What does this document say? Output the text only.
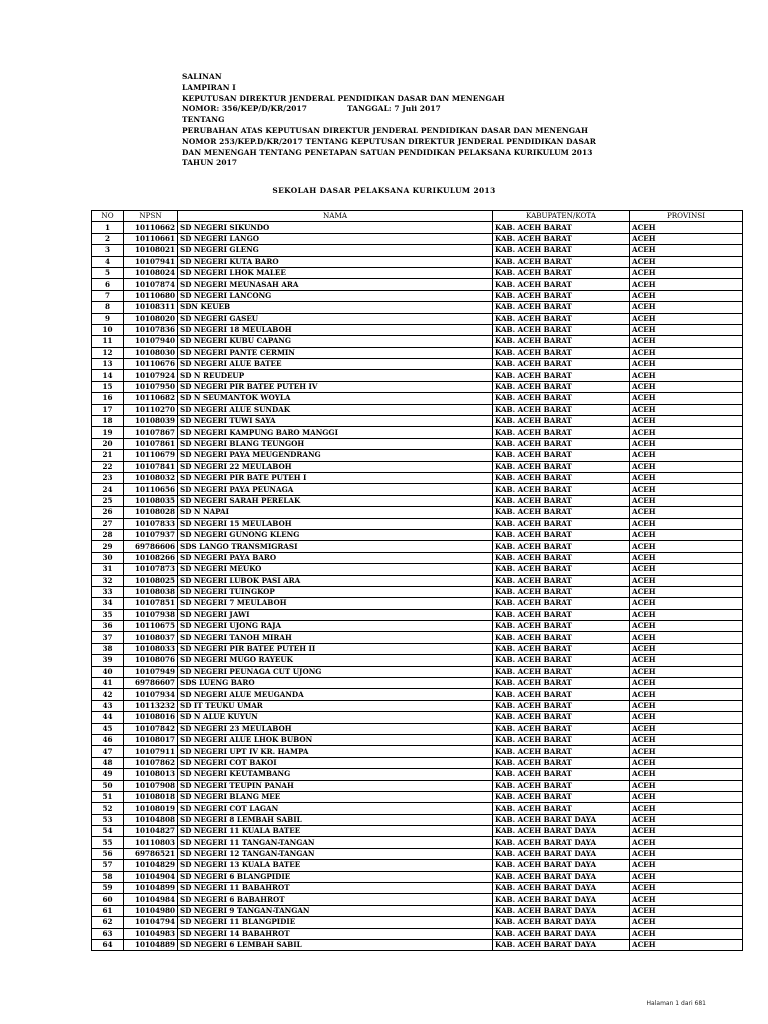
SALINAN
LAMPIRAN I
KEPUTUSAN DIREKTUR JENDERAL PENDIDIKAN DASAR DAN MENENGAH
NOMOR: 356/KEP/D/KR/2017	TANGGAL: 7 Juli 2017
TENTANG
PERUBAHAN ATAS KEPUTUSAN DIREKTUR JENDERAL PENDIDIKAN DASAR DAN MENENGAH
NOMOR 253/KEP.D/KR/2017 TENTANG KEPUTUSAN DIREKTUR JENDERAL PENDIDIKAN DASAR
DAN MENENGAH TENTANG PENETAPAN SATUAN PENDIDIKAN PELAKSANA KURIKULUM 2013
TAHUN 2017
SEKOLAH DASAR PELAKSANA KURIKULUM 2013
NO	NPSN	NAMA	KABUPATEN/KOTA	PROVINSI
1	10110662	SD NEGERI SIKUNDO	KAB. ACEH BARAT	ACEH
2	10110661	SD NEGERI LANGO	KAB. ACEH BARAT	ACEH
3	10108021	SD NEGERI GLENG	KAB. ACEH BARAT	ACEH
4	10107941	SD NEGERI KUTA BARO	KAB. ACEH BARAT	ACEH
5	10108024	SD NEGERI LHOK MALEE	KAB. ACEH BARAT	ACEH
6	10107874	SD NEGERI MEUNASAH ARA	KAB. ACEH BARAT	ACEH
7	10110680	SD NEGERI LANCONG	KAB. ACEH BARAT	ACEH
8	10108311	SDN KEUEB	KAB. ACEH BARAT	ACEH
9	10108020	SD NEGERI GASEU	KAB. ACEH BARAT	ACEH
10	10107836	SD NEGERI 18 MEULABOH	KAB. ACEH BARAT	ACEH
11	10107940	SD NEGERI KUBU CAPANG	KAB. ACEH BARAT	ACEH
12	10108030	SD NEGERI PANTE CERMIN	KAB. ACEH BARAT	ACEH
13	10110676	SD NEGERI ALUE BATEE	KAB. ACEH BARAT	ACEH
14	10107924	SD N REUDEUP	KAB. ACEH BARAT	ACEH
15	10107950	SD NEGERI PIR BATEE PUTEH IV	KAB. ACEH BARAT	ACEH
16	10110682	SD N SEUMANTOK WOYLA	KAB. ACEH BARAT	ACEH
17	10110270	SD NEGERI ALUE SUNDAK	KAB. ACEH BARAT	ACEH
18	10108039	SD NEGERI TUWI SAYA	KAB. ACEH BARAT	ACEH
19	10107867	SD NEGERI KAMPUNG BARO MANGGI	KAB. ACEH BARAT	ACEH
20	10107861	SD NEGERI BLANG TEUNGOH	KAB. ACEH BARAT	ACEH
21	10110679	SD NEGERI PAYA MEUGENDRANG	KAB. ACEH BARAT	ACEH
22	10107841	SD NEGERI 22 MEULABOH	KAB. ACEH BARAT	ACEH
23	10108032	SD NEGERI PIR BATE PUTEH I	KAB. ACEH BARAT	ACEH
24	10110656	SD NEGERI PAYA PEUNAGA	KAB. ACEH BARAT	ACEH
25	10108035	SD NEGERI SARAH PERELAK	KAB. ACEH BARAT	ACEH
26	10108028	SD N NAPAI	KAB. ACEH BARAT	ACEH
27	10107833	SD NEGERI 15 MEULABOH	KAB. ACEH BARAT	ACEH
28	10107937	SD NEGERI GUNONG KLENG	KAB. ACEH BARAT	ACEH
29	69786606	SDS LANGO TRANSMIGRASI	KAB. ACEH BARAT	ACEH
30	10108266	SD NEGERI PAYA BARO	KAB. ACEH BARAT	ACEH
31	10107873	SD NEGERI MEUKO	KAB. ACEH BARAT	ACEH
32	10108025	SD NEGERI LUBOK PASI ARA	KAB. ACEH BARAT	ACEH
33	10108038	SD NEGERI TUINGKOP	KAB. ACEH BARAT	ACEH
34	10107851	SD NEGERI 7 MEULABOH	KAB. ACEH BARAT	ACEH
35	10107938	SD NEGERI JAWI	KAB. ACEH BARAT	ACEH
36	10110675	SD NEGERI UJONG RAJA	KAB. ACEH BARAT	ACEH
37	10108037	SD NEGERI TANOH MIRAH	KAB. ACEH BARAT	ACEH
38	10108033	SD NEGERI PIR BATEE PUTEH II	KAB. ACEH BARAT	ACEH
39	10108076	SD NEGERI MUGO RAYEUK	KAB. ACEH BARAT	ACEH
40	10107949	SD NEGERI PEUNAGA CUT UJONG	KAB. ACEH BARAT	ACEH
41	69786607	SDS LUENG BARO	KAB. ACEH BARAT	ACEH
42	10107934	SD NEGERI ALUE MEUGANDA	KAB. ACEH BARAT	ACEH
43	10113232	SD IT TEUKU UMAR	KAB. ACEH BARAT	ACEH
44	10108016	SD N ALUE KUYUN	KAB. ACEH BARAT	ACEH
45	10107842	SD NEGERI 23 MEULABOH	KAB. ACEH BARAT	ACEH
46	10108017	SD NEGERI ALUE LHOK BUBON	KAB. ACEH BARAT	ACEH
47	10107911	SD NEGERI UPT IV KR. HAMPA	KAB. ACEH BARAT	ACEH
48	10107862	SD NEGERI COT BAKOI	KAB. ACEH BARAT	ACEH
49	10108013	SD NEGERI KEUTAMBANG	KAB. ACEH BARAT	ACEH
50	10107908	SD NEGERI TEUPIN PANAH	KAB. ACEH BARAT	ACEH
51	10108018	SD NEGERI BLANG MEE	KAB. ACEH BARAT	ACEH
52	10108019	SD NEGERI COT LAGAN	KAB. ACEH BARAT	ACEH
53	10104808	SD NEGERI 8 LEMBAH SABIL	KAB. ACEH BARAT DAYA	ACEH
54	10104827	SD NEGERI 11 KUALA BATEE	KAB. ACEH BARAT DAYA	ACEH
55	10110803	SD NEGERI 11 TANGAN-TANGAN	KAB. ACEH BARAT DAYA	ACEH
56	69786521	SD NEGERI 12 TANGAN-TANGAN	KAB. ACEH BARAT DAYA	ACEH
57	10104829	SD NEGERI 13 KUALA BATEE	KAB. ACEH BARAT DAYA	ACEH
58	10104904	SD NEGERI 6 BLANGPIDIE	KAB. ACEH BARAT DAYA	ACEH
59	10104899	SD NEGERI 11 BABAHROT	KAB. ACEH BARAT DAYA	ACEH
60	10104984	SD NEGERI 6 BABAHROT	KAB. ACEH BARAT DAYA	ACEH
61	10104980	SD NEGERI 9 TANGAN-TANGAN	KAB. ACEH BARAT DAYA	ACEH
62	10104794	SD NEGERI 11 BLANGPIDIE	KAB. ACEH BARAT DAYA	ACEH
63	10104983	SD NEGERI 14 BABAHROT	KAB. ACEH BARAT DAYA	ACEH
64	10104889	SD NEGERI 6 LEMBAH SABIL	KAB. ACEH BARAT DAYA	ACEH
Halaman 1 dari 681
